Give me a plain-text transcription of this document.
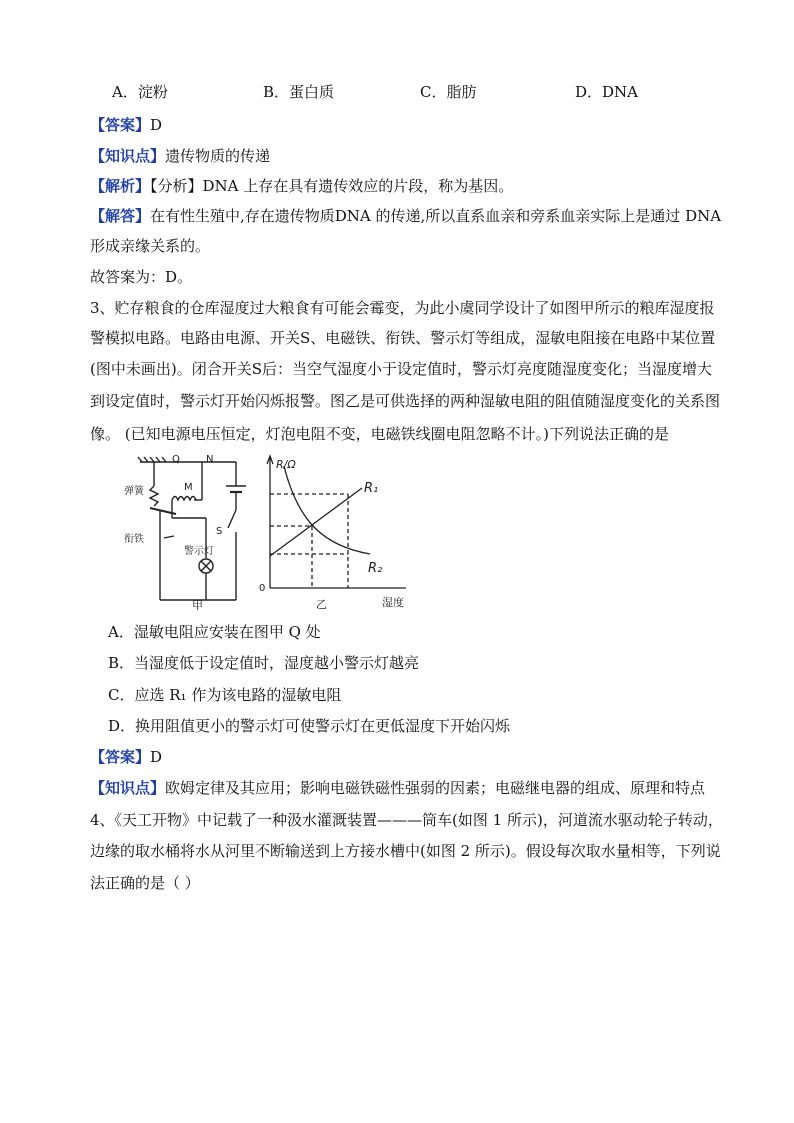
A．淀粉	B．蛋白质	C．脂肪	D．DNA
【答案】D
【知识点】遗传物质的传递
【解析】【分析】DNA 上存在具有遗传效应的片段，称为基因。
【解答】在有性生殖中,存在遗传物质DNA 的传递,所以直系血亲和旁系血亲实际上是通过 DNA
形成亲缘关系的。
故答案为：D。
3、贮存粮食的仓库湿度过大粮食有可能会霉变，为此小虞同学设计了如图甲所示的粮库湿度报
警模拟电路。电路由电源、开关S、电磁铁、衔铁、警示灯等组成，湿敏电阻接在电路中某位置
(图中未画出)。闭合开关S后：当空气湿度小于设定值时，警示灯亮度随湿度变化；当湿度增大
到设定值时，警示灯开始闪烁报警。图乙是可供选择的两种湿敏电阻的阻值随湿度变化的关系图
像。 (已知电源电压恒定，灯泡电阻不变，电磁铁线圈电阻忽略不计。)下列说法正确的是
Q	N
M
弹簧
衔铁
S
警示灯
甲
R/Ω
湿度
0
R₁
R₂
乙
A．湿敏电阻应安装在图甲 Q 处
B．当湿度低于设定值时，湿度越小警示灯越亮
C．应选 R₁ 作为该电路的湿敏电阻
D．换用阻值更小的警示灯可使警示灯在更低湿度下开始闪烁
【答案】D
【知识点】欧姆定律及其应用；影响电磁铁磁性强弱的因素；电磁继电器的组成、原理和特点
4、《天工开物》中记载了一种汲水灌溉装置———筒车(如图 1 所示)，河道流水驱动轮子转动，
边缘的取水桶将水从河里不断输送到上方接水槽中(如图 2 所示)。假设每次取水量相等，下列说
法正确的是（ ）
